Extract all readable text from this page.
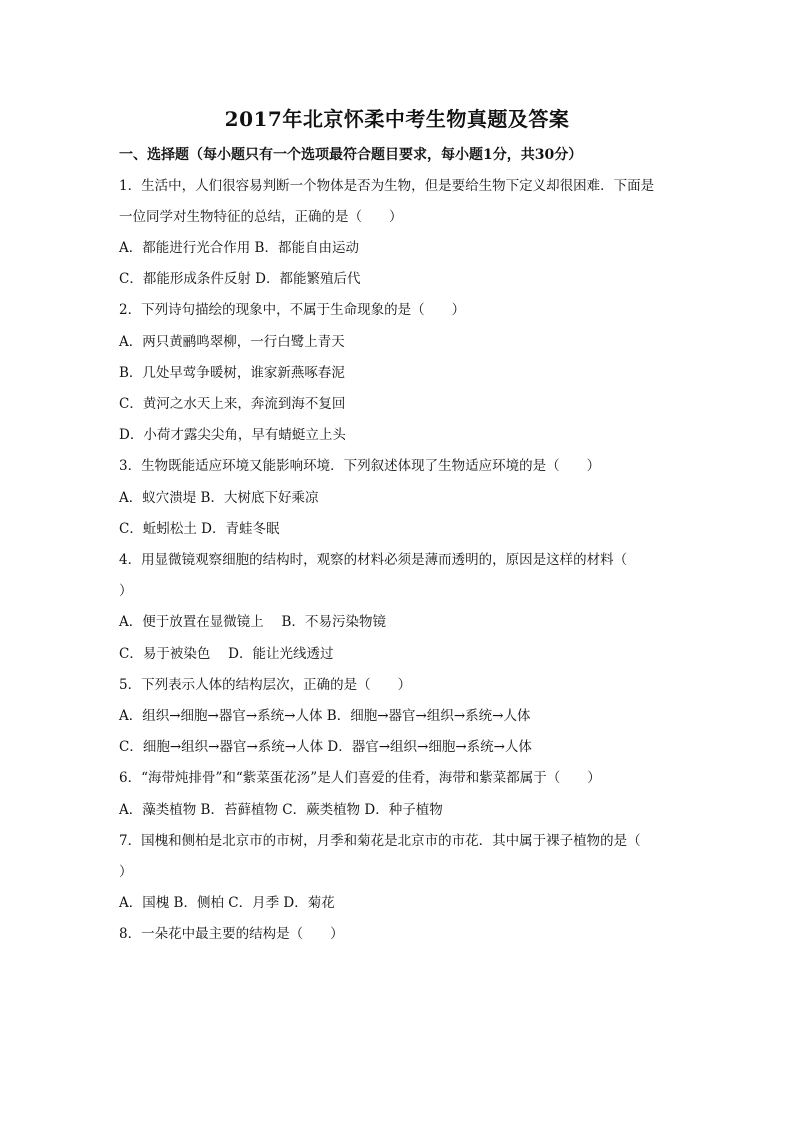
2017年北京怀柔中考生物真题及答案
一、选择题（每小题只有一个选项最符合题目要求，每小题1分，共30分）
1．生活中，人们很容易判断一个物体是否为生物，但是要给生物下定义却很困难．下面是
一位同学对生物特征的总结，正确的是（　　）
A．都能进行光合作用 B．都能自由运动
C．都能形成条件反射 D．都能繁殖后代
2．下列诗句描绘的现象中，不属于生命现象的是（　　）
A．两只黄鹂鸣翠柳，一行白鹭上青天
B．几处早莺争暖树，谁家新燕啄春泥
C．黄河之水天上来，奔流到海不复回
D．小荷才露尖尖角，早有蜻蜓立上头
3．生物既能适应环境又能影响环境．下列叙述体现了生物适应环境的是（　　）
A．蚁穴溃堤 B．大树底下好乘凉
C．蚯蚓松土 D．青蛙冬眠
4．用显微镜观察细胞的结构时，观察的材料必须是薄而透明的，原因是这样的材料（
）
A．便于放置在显微镜上　 B．不易污染物镜
C．易于被染色　 D．能让光线透过
5．下列表示人体的结构层次，正确的是（　　）
A．组织→细胞→器官→系统→人体 B．细胞→器官→组织→系统→人体
C．细胞→组织→器官→系统→人体 D．器官→组织→细胞→系统→人体
6．“海带炖排骨”和“紫菜蛋花汤”是人们喜爱的佳肴，海带和紫菜都属于（　　）
A．藻类植物 B．苔藓植物 C．蕨类植物 D．种子植物
7．国槐和侧柏是北京市的市树，月季和菊花是北京市的市花．其中属于裸子植物的是（
）
A．国槐 B．侧柏 C．月季 D．菊花
8．一朵花中最主要的结构是（　　）
